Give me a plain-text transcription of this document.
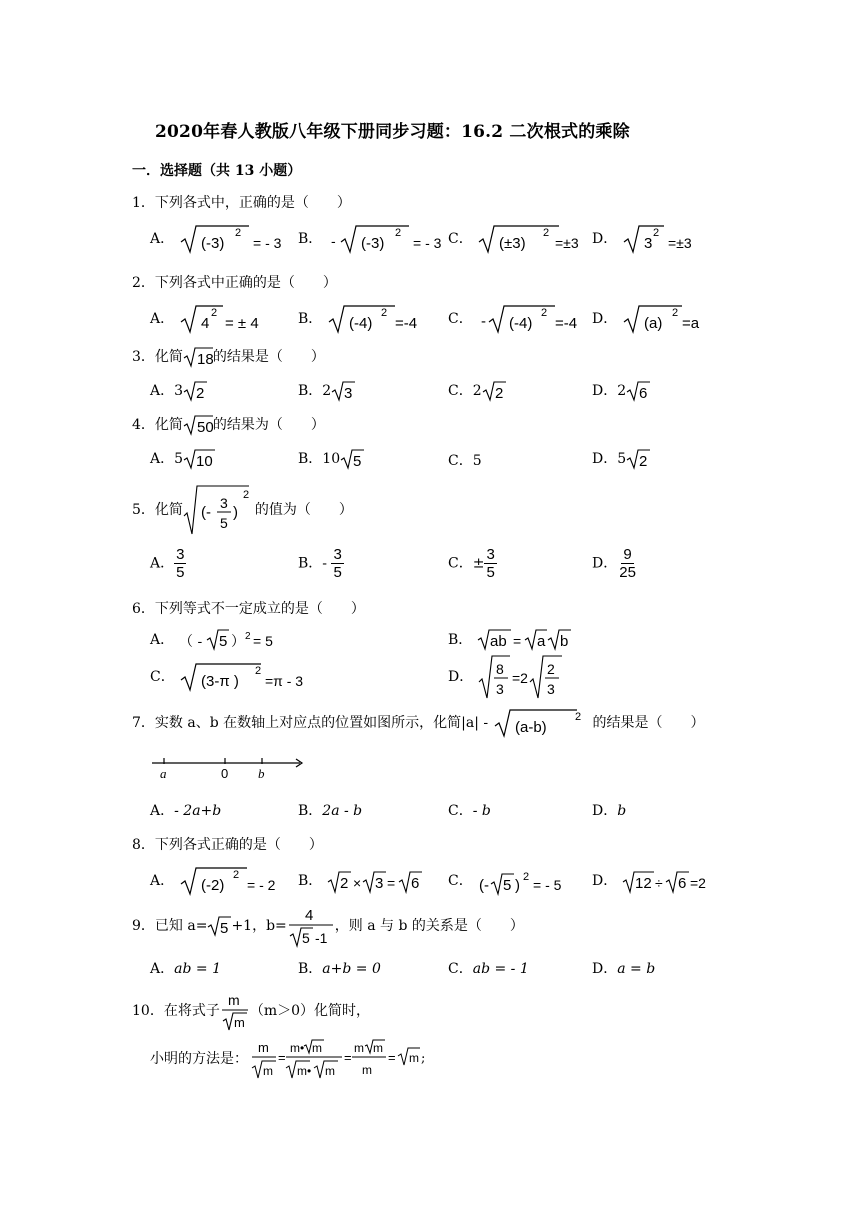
2020年春人教版八年级下册同步习题：16.2 二次根式的乘除
一．选择题（共 13 小题）
1．下列各式中，正确的是（　　）
A． (-3)
2
= - 3 B． - (-3)
2
= - 3 C． (±3)
2
=±3 D． 3
2
=±3
2．下列各式中正确的是（　　）
A． 4
2
= ± 4	B． (-4)
2
=-4 C． - (-4)
2
=-4 D． (a)
2
=a
3．化简 18 的结果是（　　）
A．3 2	B．2 3	C．2 2	D．2 6
4．化简 50 的结果为（　　）
A．5 10	B．10 5	C．5	D．5 2
5．化简 (-
3
5
)
2
的值为（　　）
A． $\frac{3}{5}$	B．- $\frac{3}{5}$	C．± $\frac{3}{5}$	D． $\frac{9}{25}$
6．下列等式不一定成立的是（　　）
A． （ - 5 ） 2 = 5	B． ab = a b
C． (3-π )
2
=π - 3	D． 8
3
=2
2
3
7．实数 a、b 在数轴上对应点的位置如图所示，化简|a| - (a-b)
2 的结果是（　　）
a	0 b
A．- 2a+b	B．2a - b	C．- b	D．b
8．下列各式正确的是（　　）
A． (-2)
2
= - 2 B． 2 × 3 = 6 C． (- 5 ) 2 = - 5 D． 12 ÷ 6 =2
9．已知 a= 5 +1，b=
4
5 -1
，则 a 与 b 的关系是（　　）
A．ab = 1	B．a+b = 0	C．ab = - 1	D．a = b
10．在将式子
m
m
（m＞0）化简时，
小明的方法是：
m
m
=
m• m
m• m
=
m m
m
= m ;
